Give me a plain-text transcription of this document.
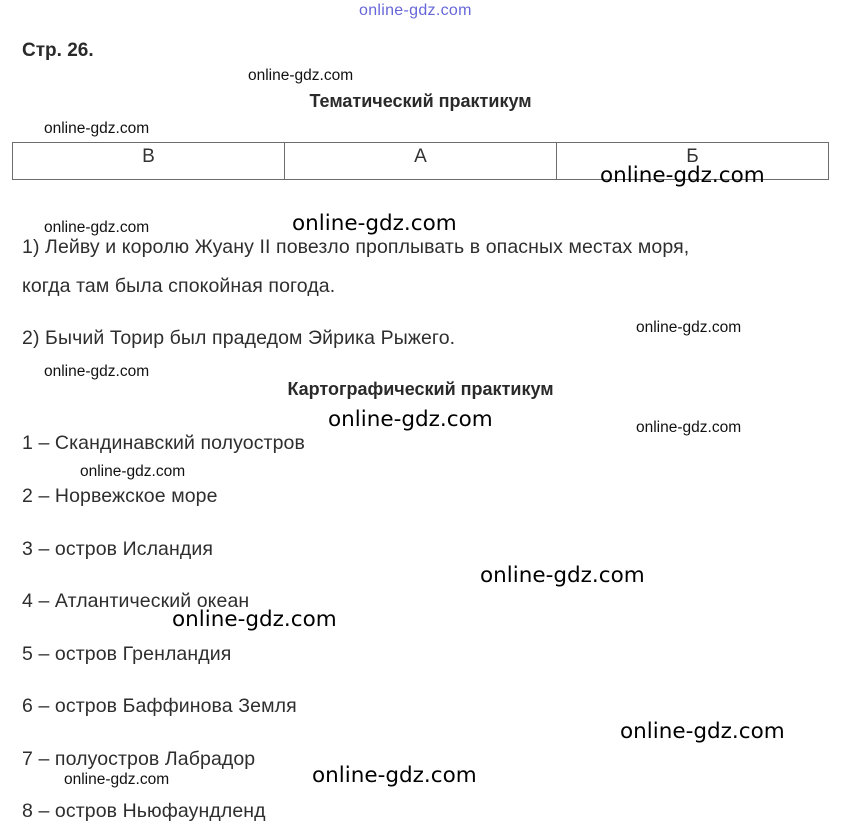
online-gdz.com
Стр. 26.
Тематический практикум
В	А	Б
1) Лейву и королю Жуану II повезло проплывать в опасных местах моря,
когда там была спокойная погода.
2) Бычий Торир был прадедом Эйрика Рыжего.
Картографический практикум
1 – Скандинавский полуостров
2 – Норвежское море
3 – остров Исландия
4 – Атлантический океан
5 – остров Гренландия
6 – остров Баффинова Земля
7 – полуостров Лабрадор
8 – остров Ньюфаундленд
online-gdz.com
online-gdz.com
online-gdz.com
online-gdz.com
online-gdz.com
online-gdz.com
online-gdz.com
online-gdz.com
online-gdz.com
online-gdz.com
online-gdz.com
online-gdz.com
online-gdz.com
online-gdz.com
online-gdz.com
